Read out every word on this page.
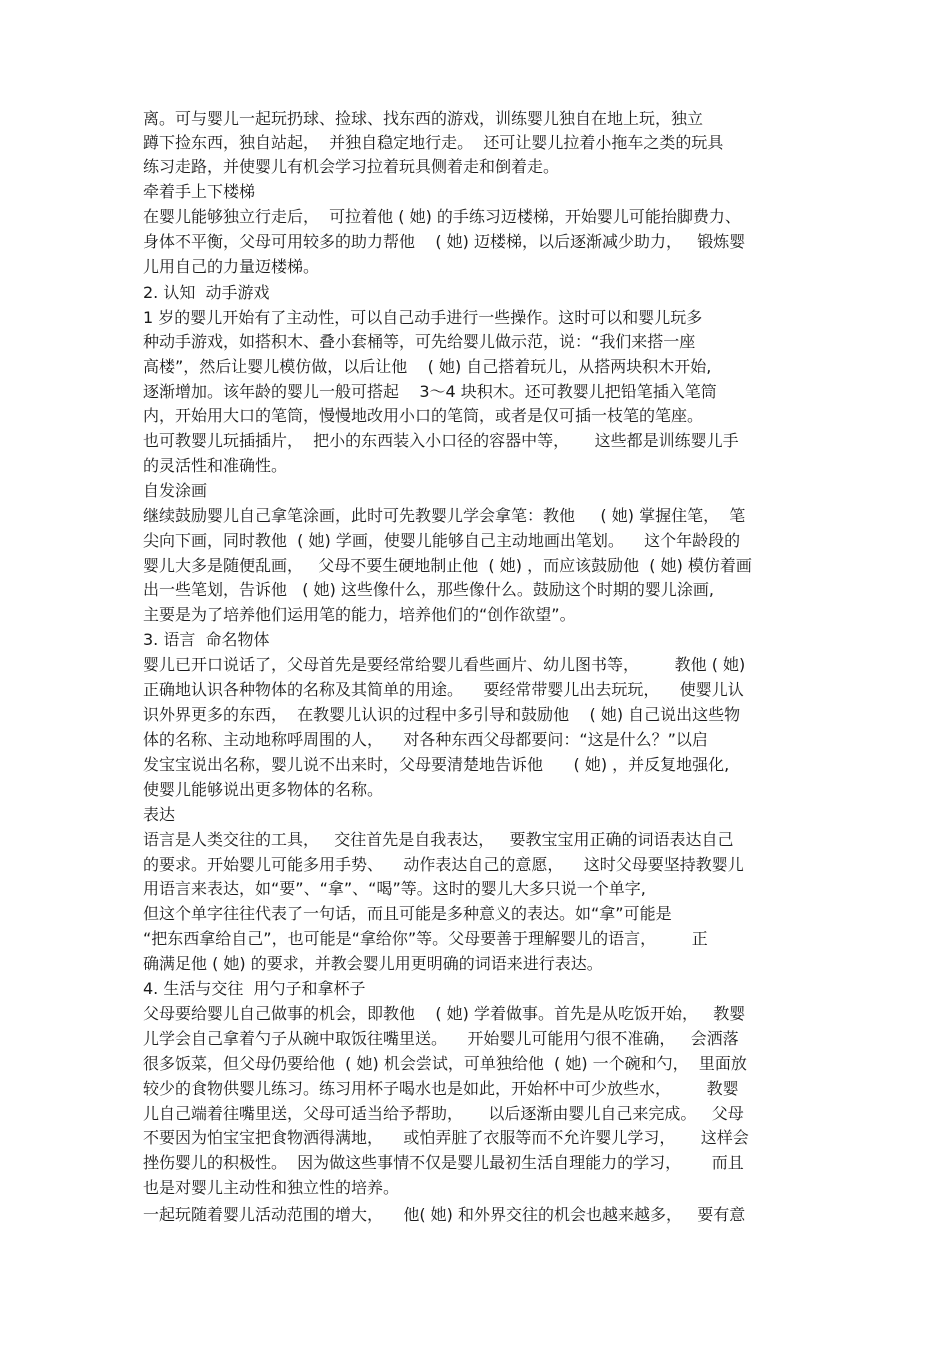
离。可与婴儿一起玩扔球、捡球、找东西的游戏，训练婴儿独自在地上玩，独立

蹲下捡东西，独自站起，  并独自稳定地行走。  还可让婴儿拉着小拖车之类的玩具

练习走路，并使婴儿有机会学习拉着玩具侧着走和倒着走。

牵着手上下楼梯

在婴儿能够独立行走后，  可拉着他 ( 她) 的手练习迈楼梯，开始婴儿可能抬脚费力、

身体不平衡，父母可用较多的助力帮他    ( 她) 迈楼梯，以后逐渐减少助力，   锻炼婴

儿用自己的力量迈楼梯。

2. 认知  动手游戏

1 岁的婴儿开始有了主动性，可以自己动手进行一些操作。这时可以和婴儿玩多

种动手游戏，如搭积木、叠小套桶等，可先给婴儿做示范，说：“我们来搭一座

高楼”，然后让婴儿模仿做，以后让他    ( 她) 自己搭着玩儿，从搭两块积木开始,

逐渐增加。该年龄的婴儿一般可搭起    3～4 块积木。还可教婴儿把铅笔插入笔筒

内，开始用大口的笔筒，慢慢地改用小口的笔筒，或者是仅可插一枝笔的笔座。

也可教婴儿玩插插片，  把小的东西装入小口径的容器中等，     这些都是训练婴儿手

的灵活性和准确性。

自发涂画

继续鼓励婴儿自己拿笔涂画，此时可先教婴儿学会拿笔：教他     ( 她) 掌握住笔，  笔

尖向下画，同时教他  ( 她) 学画，使婴儿能够自己主动地画出笔划。    这个年龄段的

婴儿大多是随便乱画，   父母不要生硬地制止他  ( 她) ，而应该鼓励他  ( 她) 模仿着画

出一些笔划，告诉他   ( 她) 这些像什么，那些像什么。鼓励这个时期的婴儿涂画,

主要是为了培养他们运用笔的能力，培养他们的“创作欲望”。

3. 语言  命名物体

婴儿已开口说话了，父母首先是要经常给婴儿看些画片、幼儿图书等，       教他 ( 她)

正确地认识各种物体的名称及其简单的用途。    要经常带婴儿出去玩玩，    使婴儿认

识外界更多的东西，  在教婴儿认识的过程中多引导和鼓励他    ( 她) 自己说出这些物

体的名称、主动地称呼周围的人，    对各种东西父母都要问：“这是什么？”以启

发宝宝说出名称，婴儿说不出来时，父母要清楚地告诉他      ( 她) ，并反复地强化,

使婴儿能够说出更多物体的名称。

表达

语言是人类交往的工具，   交往首先是自我表达，   要教宝宝用正确的词语表达自己

的要求。开始婴儿可能多用手势、    动作表达自己的意愿，    这时父母要坚持教婴儿

用语言来表达，如“要”、“拿”、“喝”等。这时的婴儿大多只说一个单字,

但这个单字往往代表了一句话，而且可能是多种意义的表达。如“拿”可能是

“把东西拿给自己”，也可能是“拿给你”等。父母要善于理解婴儿的语言，       正

确满足他 ( 她) 的要求，并教会婴儿用更明确的词语来进行表达。

4. 生活与交往  用勺子和拿杯子

父母要给婴儿自己做事的机会，即教他    ( 她) 学着做事。首先是从吃饭开始，   教婴

儿学会自己拿着勺子从碗中取饭往嘴里送。    开始婴儿可能用勺很不准确，   会洒落

很多饭菜，但父母仍要给他  ( 她) 机会尝试，可单独给他  ( 她) 一个碗和勺，  里面放

较少的食物供婴儿练习。练习用杯子喝水也是如此，开始杯中可少放些水，       教婴

儿自己端着往嘴里送，父母可适当给予帮助，     以后逐渐由婴儿自己来完成。   父母

不要因为怕宝宝把食物洒得满地，    或怕弄脏了衣服等而不允许婴儿学习，     这样会

挫伤婴儿的积极性。  因为做这些事情不仅是婴儿最初生活自理能力的学习，      而且

也是对婴儿主动性和独立性的培养。

一起玩随着婴儿活动范围的增大，    他( 她) 和外界交往的机会也越来越多，   要有意
